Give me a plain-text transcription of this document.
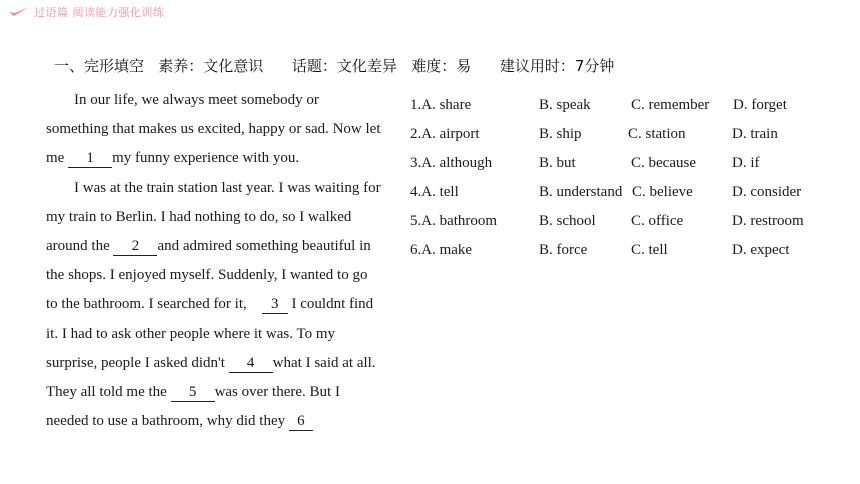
过语篇 阅读能力强化训练
一、完形填空   素养：文化意识      话题：文化差异   难度：易      建议用时：7分钟

In our life, we always meet somebody or something that makes us excited, happy or sad. Now let me 1 my funny experience with you.

I was at the train station last year. I was waiting for my train to Berlin. I had nothing to do, so I walked around the 2 and admired something beautiful in the shops. I enjoyed myself. Suddenly, I wanted to go to the bathroom. I searched for it, 3 I couldnt find it. I had to ask other people where it was. To my surprise, people I asked didn't 4 what I said at all. They all told me the 5 was over there. But I needed to use a bathroom, why did they 6

1.A. share	B. speak	C. remember D. forget
2.A. airport	B. ship	C. station	D. train
3.A. although	B. but	C. because D. if
4.A. tell	B. understand C. believe	D. consider
5.A. bathroom	B. school C. office	D. restroom
6.A. make	B. force	C. tell	D. expect
